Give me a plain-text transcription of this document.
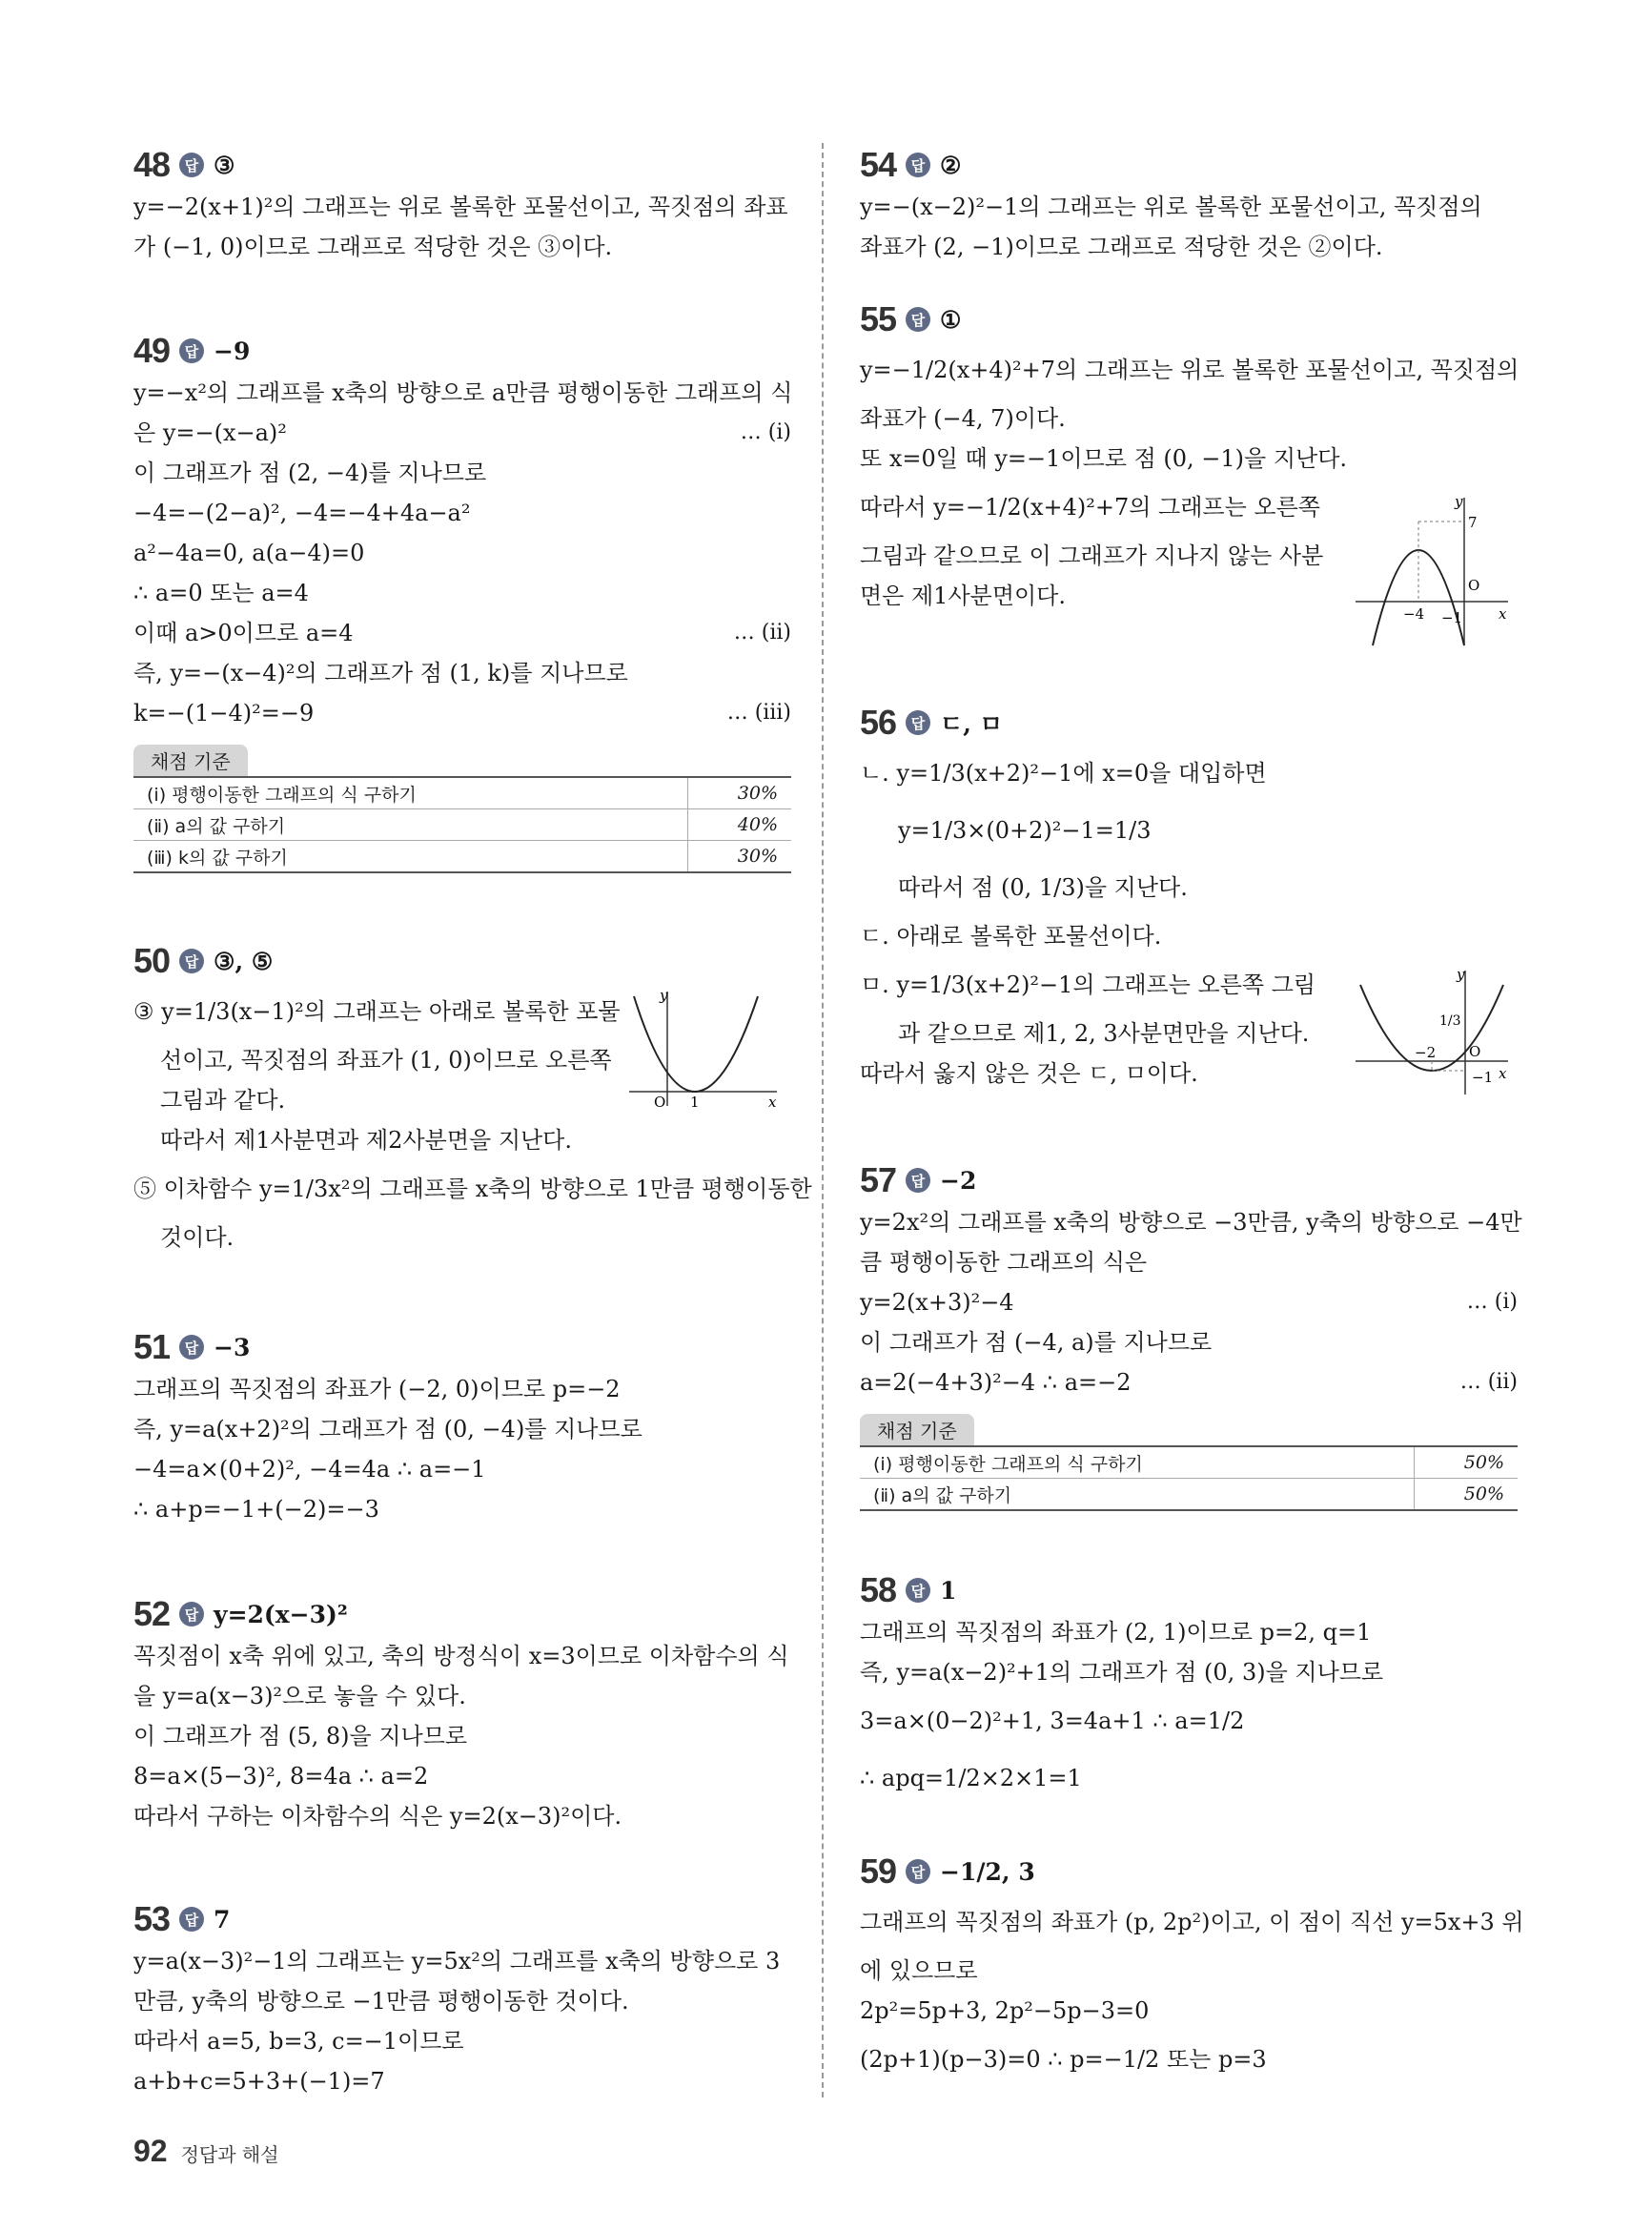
48	답 ③
y=−2(x+1)²의 그래프는 위로 볼록한 포물선이고, 꼭짓점의 좌표
가 (−1, 0)이므로 그래프로 적당한 것은 ③이다.
49	답 −9
y=−x²의 그래프를 x축의 방향으로 a만큼 평행이동한 그래프의 식
은 y=−(x−a)²	… (ⅰ)
이 그래프가 점 (2, −4)를 지나므로
−4=−(2−a)², −4=−4+4a−a²
a²−4a=0, a(a−4)=0
∴ a=0 또는 a=4
이때 a>0이므로 a=4	… (ⅱ)
즉, y=−(x−4)²의 그래프가 점 (1, k)를 지나므로
k=−(1−4)²=−9	… (ⅲ)
채점 기준
(ⅰ) 평행이동한 그래프의 식 구하기	30%
(ⅱ) a의 값 구하기	40%
(ⅲ) k의 값 구하기	30%
50	답 ③, ⑤
③ y=1/3(x−1)²의 그래프는 아래로 볼록한 포물
선이고, 꼭짓점의 좌표가 (1, 0)이므로 오른쪽
그림과 같다.
따라서 제1사분면과 제2사분면을 지난다.
⑤ 이차함수 y=1/3x²의 그래프를 x축의 방향으로 1만큼 평행이동한
것이다.
y
x
O 1
51	답 −3
그래프의 꼭짓점의 좌표가 (−2, 0)이므로 p=−2
즉, y=a(x+2)²의 그래프가 점 (0, −4)를 지나므로
−4=a×(0+2)², −4=4a ∴ a=−1
∴ a+p=−1+(−2)=−3
52	답 y=2(x−3)²
꼭짓점이 x축 위에 있고, 축의 방정식이 x=3이므로 이차함수의 식
을 y=a(x−3)²으로 놓을 수 있다.
이 그래프가 점 (5, 8)을 지나므로
8=a×(5−3)², 8=4a ∴ a=2
따라서 구하는 이차함수의 식은 y=2(x−3)²이다.
53	답 7
y=a(x−3)²−1의 그래프는 y=5x²의 그래프를 x축의 방향으로 3
만큼, y축의 방향으로 −1만큼 평행이동한 것이다.
따라서 a=5, b=3, c=−1이므로
a+b+c=5+3+(−1)=7
54	답 ②
y=−(x−2)²−1의 그래프는 위로 볼록한 포물선이고, 꼭짓점의
좌표가 (2, −1)이므로 그래프로 적당한 것은 ②이다.
55	답 ①
y=−1/2(x+4)²+7의 그래프는 위로 볼록한 포물선이고, 꼭짓점의
좌표가 (−4, 7)이다.
또 x=0일 때 y=−1이므로 점 (0, −1)을 지난다.
따라서 y=−1/2(x+4)²+7의 그래프는 오른쪽
그림과 같으므로 이 그래프가 지나지 않는 사분
면은 제1사분면이다.
y
x
O
7
−4 −1
56	답 ㄷ, ㅁ
ㄴ. y=1/3(x+2)²−1에 x=0을 대입하면
y=1/3×(0+2)²−1=1/3
따라서 점 (0, 1/3)을 지난다.
ㄷ. 아래로 볼록한 포물선이다.
ㅁ. y=1/3(x+2)²−1의 그래프는 오른쪽 그림
과 같으므로 제1, 2, 3사분면만을 지난다.
따라서 옳지 않은 것은 ㄷ, ㅁ이다.
y
x
O
1/3
−2
−1
57	답 −2
y=2x²의 그래프를 x축의 방향으로 −3만큼, y축의 방향으로 −4만
큼 평행이동한 그래프의 식은
y=2(x+3)²−4	… (ⅰ)
이 그래프가 점 (−4, a)를 지나므로
a=2(−4+3)²−4 ∴ a=−2	… (ⅱ)
채점 기준
(ⅰ) 평행이동한 그래프의 식 구하기	50%
(ⅱ) a의 값 구하기	50%
58	답 1
그래프의 꼭짓점의 좌표가 (2, 1)이므로 p=2, q=1
즉, y=a(x−2)²+1의 그래프가 점 (0, 3)을 지나므로
3=a×(0−2)²+1, 3=4a+1 ∴ a=1/2
∴ apq=1/2×2×1=1
59	답 −1/2, 3
그래프의 꼭짓점의 좌표가 (p, 2p²)이고, 이 점이 직선 y=5x+3 위
에 있으므로
2p²=5p+3, 2p²−5p−3=0
(2p+1)(p−3)=0 ∴ p=−1/2 또는 p=3
92 정답과 해설
